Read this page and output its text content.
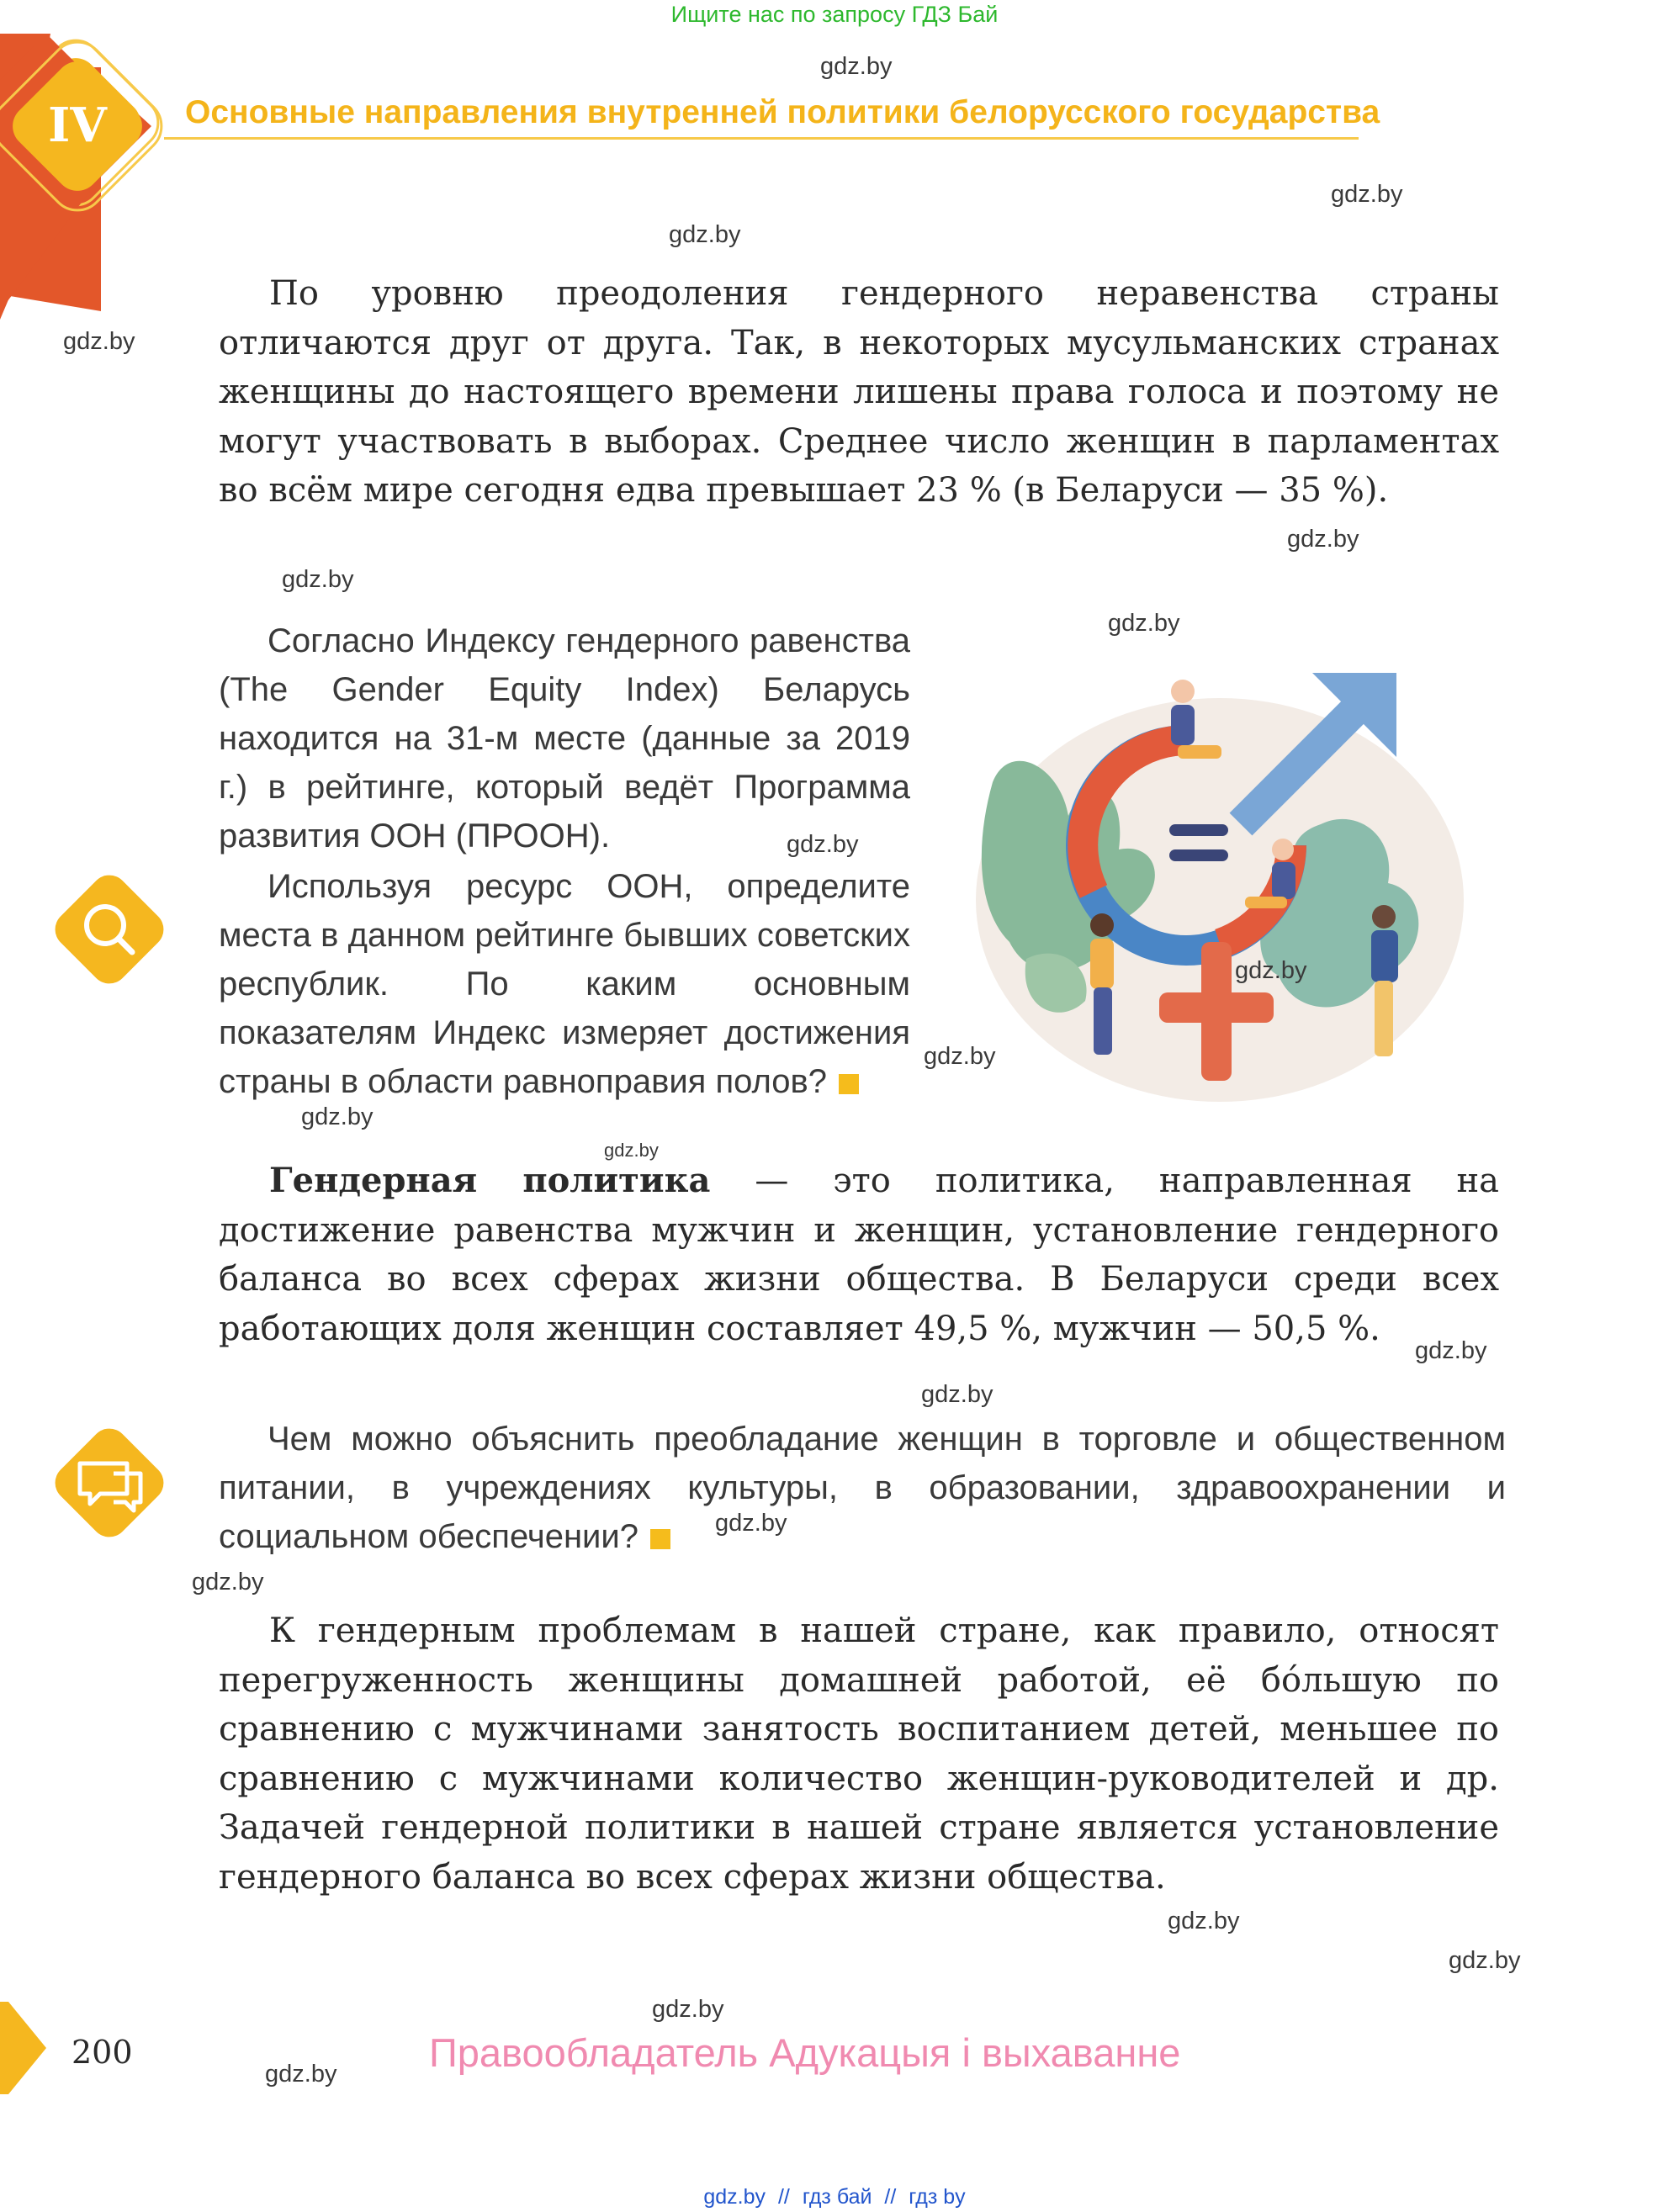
Ищите нас по запросу ГДЗ Бай
IV Основные направления внутренней политики белорусского государства
По уровню преодоления гендерного неравенства страны отличаются друг от друга. Так, в некоторых мусульманских странах женщины до настоящего времени лишены права голоса и поэтому не могут участвовать в выборах. Среднее число женщин в парламентах во всём мире сегодня едва превышает 23 % (в Беларуси — 35 %).
Согласно Индексу гендерного равенства (The Gender Equity Index) Беларусь находится на 31-м месте (данные за 2019 г.) в рейтинге, который ведёт Программа развития ООН (ПРООН).
Используя ресурс ООН, определите места в данном рейтинге бывших советских республик. По каким основным показателям Индекс измеряет достижения страны в области равноправия полов?
Гендерная политика — это политика, направленная на достижение равенства мужчин и женщин, установление гендерного баланса во всех сферах жизни общества. В Беларуси среди всех работающих доля женщин составляет 49,5 %, мужчин — 50,5 %.
Чем можно объяснить преобладание женщин в торговле и общественном питании, в учреждениях культуры, в образовании, здравоохранении и социальном обеспечении?
К гендерным проблемам в нашей стране, как правило, относят перегруженность женщины домашней работой, её бóльшую по сравнению с мужчинами занятость воспитанием детей, меньшее по сравнению с мужчинами количество женщин-руководителей и др. Задачей гендерной политики в нашей стране является установление гендерного баланса во всех сферах жизни общества.
200	Правообладатель Адукацыя і выхаванне
gdz.by // гдз бай // гдз by
gdz.by
gdz.by
gdz.by
gdz.by
gdz.by
gdz.by
gdz.by
gdz.by
gdz.by
gdz.by
gdz.by
gdz.by
gdz.by
gdz.by
gdz.by
gdz.by
gdz.by
gdz.by
gdz.by
gdz.by
